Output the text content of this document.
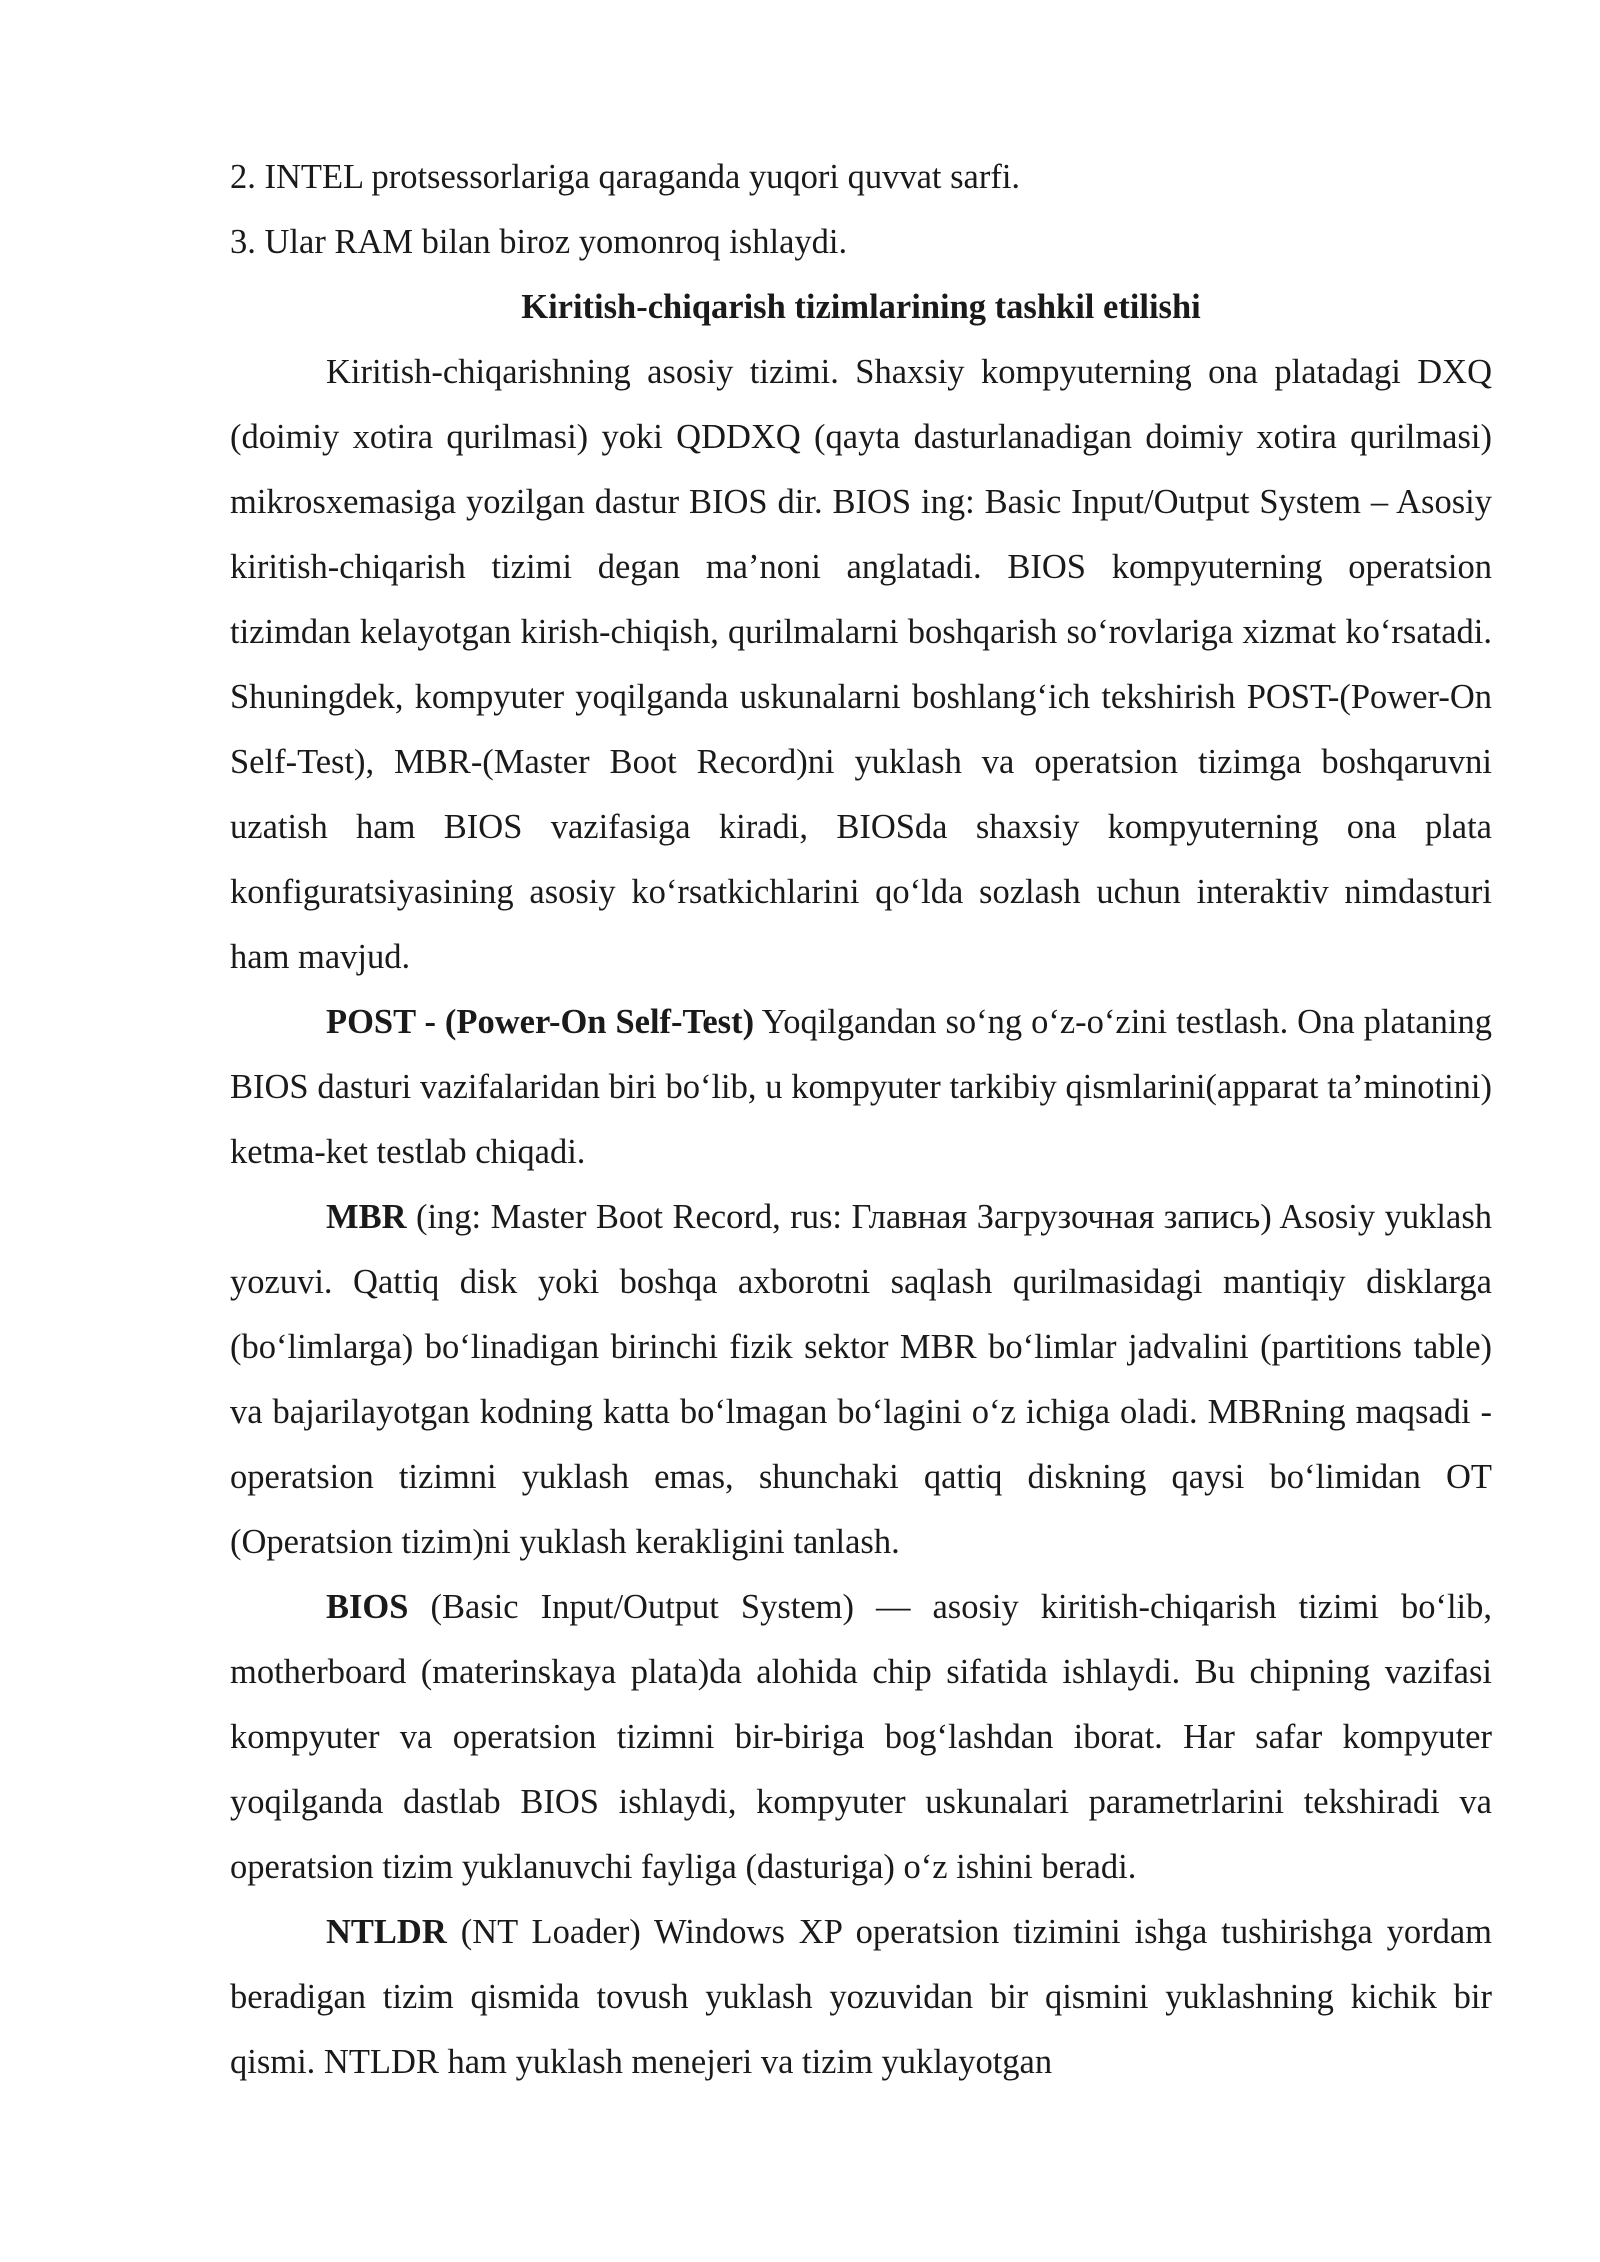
2. INTEL protsessorlariga qaraganda yuqori quvvat sarfi.

3. Ular RAM bilan biroz yomonroq ishlaydi.

Kiritish-chiqarish tizimlarining tashkil etilishi

Kiritish-chiqarishning asosiy tizimi. Shaxsiy kompyuterning ona platadagi DXQ (doimiy xotira qurilmasi) yoki QDDXQ (qayta dasturlanadigan doimiy xotira qurilmasi) mikrosxemasiga yozilgan dastur BIOS dir. BIOS ing: Basic Input/Output System – Asosiy kiritish-chiqarish tizimi degan ma’noni anglatadi. BIOS kompyuterning operatsion tizimdan kelayotgan kirish-chiqish, qurilmalarni boshqarish so‘rovlariga xizmat ko‘rsatadi. Shuningdek, kompyuter yoqilganda uskunalarni boshlang‘ich tekshirish POST-(Power-On Self-Test), MBR-(Master Boot Record)ni yuklash va operatsion tizimga boshqaruvni uzatish ham BIOS vazifasiga kiradi, BIOSda shaxsiy kompyuterning ona plata konfiguratsiyasining asosiy ko‘rsatkichlarini qo‘lda sozlash uchun interaktiv nimdasturi ham mavjud.

POST - (Power-On Self-Test) Yoqilgandan so‘ng o‘z-o‘zini testlash. Ona plataning BIOS dasturi vazifalaridan biri bo‘lib, u kompyuter tarkibiy qismlarini(apparat ta’minotini) ketma-ket testlab chiqadi.

MBR (ing: Master Boot Record, rus: Главная Загрузочная запись) Asosiy yuklash yozuvi. Qattiq disk yoki boshqa axborotni saqlash qurilmasidagi mantiqiy disklarga (bo‘limlarga) bo‘linadigan birinchi fizik sektor MBR bo‘limlar jadvalini (partitions table) va bajarilayotgan kodning katta bo‘lmagan bo‘lagini o‘z ichiga oladi. MBRning maqsadi - operatsion tizimni yuklash emas, shunchaki qattiq diskning qaysi bo‘limidan OT (Operatsion tizim)ni yuklash kerakligini tanlash.

BIOS (Basic Input/Output System) — asosiy kiritish-chiqarish tizimi bo‘lib, motherboard (materinskaya plata)da alohida chip sifatida ishlaydi. Bu chipning vazifasi kompyuter va operatsion tizimni bir-biriga bog‘lashdan iborat. Har safar kompyuter yoqilganda dastlab BIOS ishlaydi, kompyuter uskunalari parametrlarini tekshiradi va operatsion tizim yuklanuvchi fayliga (dasturiga) o‘z ishini beradi.

NTLDR (NT Loader) Windows XP operatsion tizimini ishga tushirishga yordam beradigan tizim qismida tovush yuklash yozuvidan bir qismini yuklashning kichik bir qismi. NTLDR ham yuklash menejeri va tizim yuklayotgan
